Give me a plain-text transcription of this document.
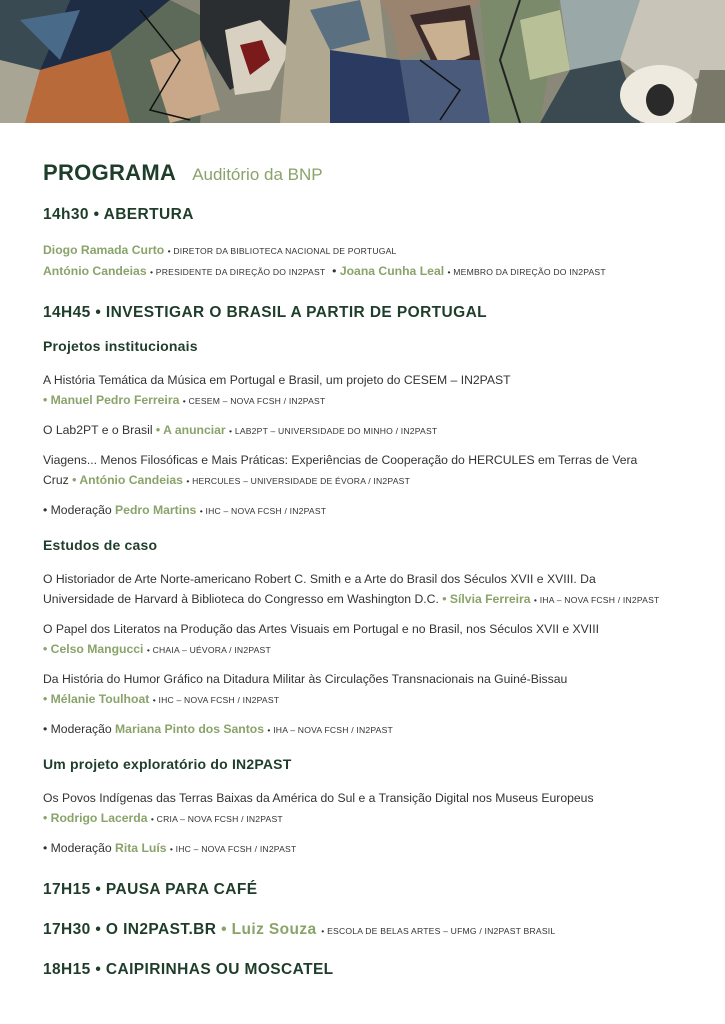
PROGRAMA Auditório da BNP
14h30 • ABERTURA
Diogo Ramada Curto • DIRETOR DA BIBLIOTECA NACIONAL DE PORTUGAL
António Candeias • PRESIDENTE DA DIREÇÃO DO IN2PAST • Joana Cunha Leal • MEMBRO DA DIREÇÃO DO IN2PAST
14H45 • INVESTIGAR O BRASIL A PARTIR DE PORTUGAL
Projetos institucionais
A História Temática da Música em Portugal e Brasil, um projeto do CESEM – IN2PAST
• Manuel Pedro Ferreira • CESEM – NOVA FCSH / IN2PAST
O Lab2PT e o Brasil • A anunciar • LAB2PT – UNIVERSIDADE DO MINHO / IN2PAST
Viagens... Menos Filosóficas e Mais Práticas: Experiências de Cooperação do HERCULES em Terras de Vera
Cruz • António Candeias • HERCULES – UNIVERSIDADE DE ÉVORA / IN2PAST
• Moderação Pedro Martins • IHC – NOVA FCSH / IN2PAST
Estudos de caso
O Historiador de Arte Norte-americano Robert C. Smith e a Arte do Brasil dos Séculos XVII e XVIII. Da
Universidade de Harvard à Biblioteca do Congresso em Washington D.C. • Sílvia Ferreira • IHA – NOVA FCSH / IN2PAST
O Papel dos Literatos na Produção das Artes Visuais em Portugal e no Brasil, nos Séculos XVII e XVIII
• Celso Mangucci • CHAIA – UÉVORA / IN2PAST
Da História do Humor Gráfico na Ditadura Militar às Circulações Transnacionais na Guiné-Bissau
• Mélanie Toulhoat • IHC – NOVA FCSH / IN2PAST
• Moderação Mariana Pinto dos Santos • IHA – NOVA FCSH / IN2PAST
Um projeto exploratório do IN2PAST
Os Povos Indígenas das Terras Baixas da América do Sul e a Transição Digital nos Museus Europeus
• Rodrigo Lacerda • CRIA – NOVA FCSH / IN2PAST
• Moderação Rita Luís • IHC – NOVA FCSH / IN2PAST
17H15 • PAUSA PARA CAFÉ
17H30 • O IN2PAST.BR • Luiz Souza • ESCOLA DE BELAS ARTES – UFMG / IN2PAST BRASIL
18H15 • CAIPIRINHAS OU MOSCATEL
